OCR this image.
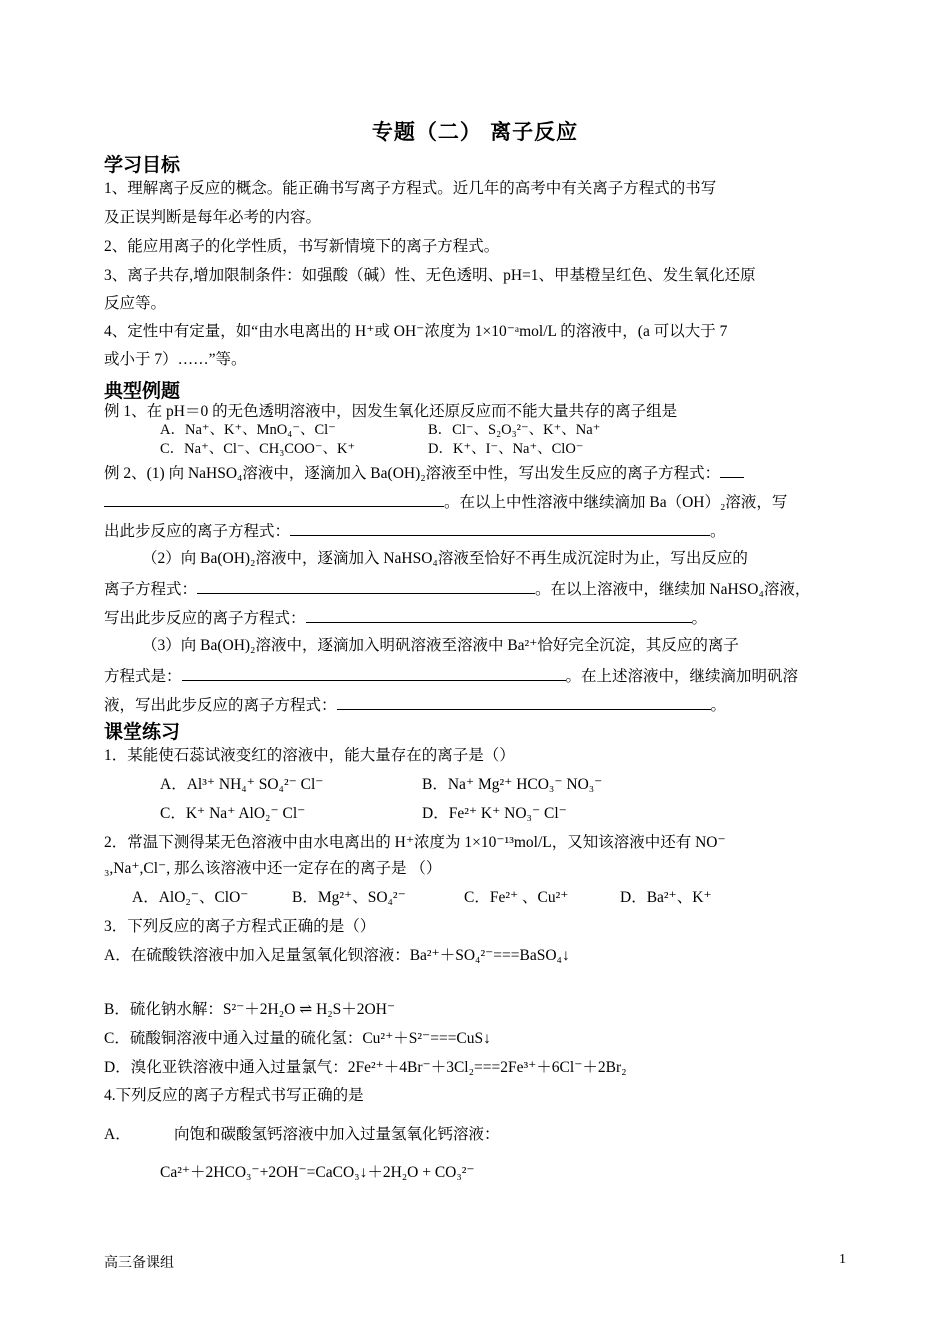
专题（二） 离子反应
学习目标
1、理解离子反应的概念。能正确书写离子方程式。近几年的高考中有关离子方程式的书写
及正误判断是每年必考的内容。
2、能应用离子的化学性质，书写新情境下的离子方程式。
3、离子共存,增加限制条件：如强酸（碱）性、无色透明、pH=1、甲基橙呈红色、发生氧化还原
反应等。
4、定性中有定量，如“由水电离出的 H⁺或 OH⁻浓度为 1×10⁻ᵃmol/L 的溶液中，(a 可以大于 7
或小于 7）……”等。
典型例题
例 1、在 pH＝0 的无色透明溶液中，因发生氧化还原反应而不能大量共存的离子组是
A．Na⁺、K⁺、MnO₄⁻、Cl⁻	B．Cl⁻、S₂O₃²⁻、K⁺、Na⁺
C．Na⁺、Cl⁻、CH₃COO⁻、K⁺	D．K⁺、I⁻、Na⁺、ClO⁻
例 2、(1) 向 NaHSO₄溶液中，逐滴加入 Ba(OH)₂溶液至中性，写出发生反应的离子方程式：
。在以上中性溶液中继续滴加 Ba（OH）₂溶液，写
出此步反应的离子方程式：	。
（2）向 Ba(OH)₂溶液中，逐滴加入 NaHSO₄溶液至恰好不再生成沉淀时为止，写出反应的
离子方程式：	。在以上溶液中，继续加 NaHSO₄溶液，
写出此步反应的离子方程式：	。
（3）向 Ba(OH)₂溶液中，逐滴加入明矾溶液至溶液中 Ba²⁺恰好完全沉淀，其反应的离子
方程式是：	。在上述溶液中，继续滴加明矾溶
液，写出此步反应的离子方程式：	。
课堂练习
1．某能使石蕊试液变红的溶液中，能大量存在的离子是（）
A．Al³⁺ NH₄⁺ SO₄²⁻ Cl⁻	B．Na⁺ Mg²⁺ HCO₃⁻ NO₃⁻
C．K⁺ Na⁺ AlO₂⁻ Cl⁻	D．Fe²⁺ K⁺ NO₃⁻ Cl⁻
2．常温下测得某无色溶液中由水电离出的 H⁺浓度为 1×10⁻¹³mol/L，又知该溶液中还有 NO⁻
₃,Na⁺,Cl⁻, 那么该溶液中还一定存在的离子是 （）
A．AlO₂⁻、ClO⁻	B．Mg²⁺、SO₄²⁻	C．Fe²⁺ 、Cu²⁺	D．Ba²⁺、K⁺
3．下列反应的离子方程式正确的是（）
A．在硫酸铁溶液中加入足量氢氧化钡溶液：Ba²⁺＋SO₄²⁻===BaSO₄↓
B．硫化钠水解：S²⁻＋2H₂O ⇌ H₂S＋2OH⁻
C．硫酸铜溶液中通入过量的硫化氢：Cu²⁺＋S²⁻===CuS↓
D．溴化亚铁溶液中通入过量氯气：2Fe²⁺＋4Br⁻＋3Cl₂===2Fe³⁺＋6Cl⁻＋2Br₂
4.下列反应的离子方程式书写正确的是
A．	向饱和碳酸氢钙溶液中加入过量氢氧化钙溶液：
Ca²⁺＋2HCO₃⁻+2OH⁻=CaCO₃↓＋2H₂O + CO₃²⁻
高三备课组	1
